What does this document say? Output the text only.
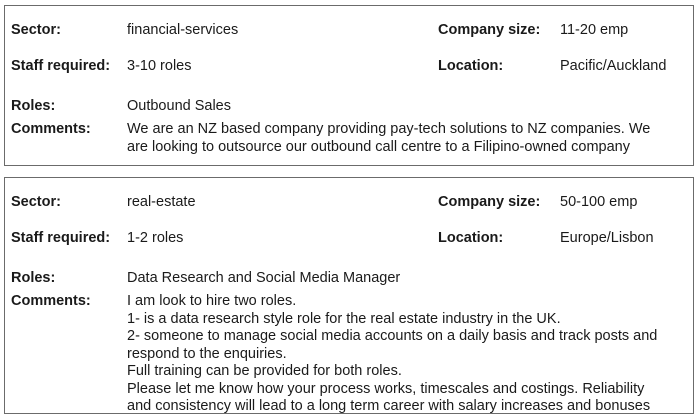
Sector:	financial-services	Company size: 11-20 emp
Staff required: 3-10 roles	Location:	Pacific/Auckland
Roles:	Outbound Sales
Comments: We are an NZ based company providing pay-tech solutions to NZ companies. We
are looking to outsource our outbound call centre to a Filipino-owned company
Sector:	real-estate	Company size: 50-100 emp
Staff required: 1-2 roles	Location:	Europe/Lisbon
Roles:	Data Research and Social Media Manager
Comments: I am look to hire two roles.
1- is a data research style role for the real estate industry in the UK.
2- someone to manage social media accounts on a daily basis and track posts and
respond to the enquiries.
Full training can be provided for both roles.
Please let me know how your process works, timescales and costings. Reliability
and consistency will lead to a long term career with salary increases and bonuses
